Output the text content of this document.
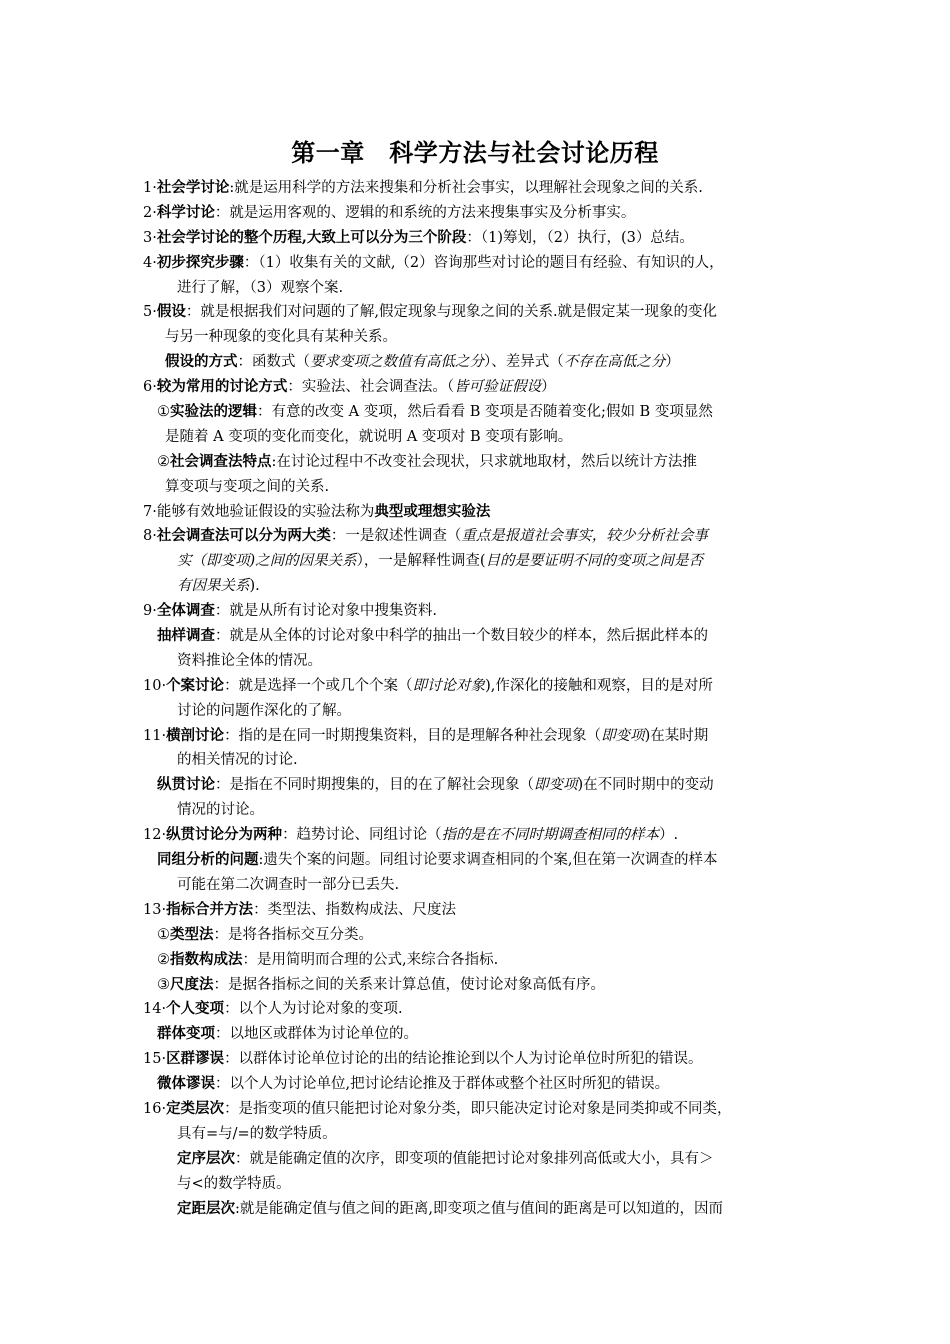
第一章　科学方法与社会讨论历程
1·社会学讨论:就是运用科学的方法来搜集和分析社会事实，以理解社会现象之间的关系.
2·科学讨论：就是运用客观的、逻辑的和系统的方法来搜集事实及分析事实。
3·社会学讨论的整个历程,大致上可以分为三个阶段：（1)筹划，（2）执行，(3）总结。
4·初步探究步骤：（1）收集有关的文献,（2）咨询那些对讨论的题目有经验、有知识的人，
进行了解，（3）观察个案.
5·假设：就是根据我们对问题的了解,假定现象与现象之间的关系.就是假定某一现象的变化
与另一种现象的变化具有某种关系。
假设的方式：函数式（要求变项之数值有高低之分）、差异式（不存在高低之分）
6·较为常用的讨论方式：实验法、社会调查法。（皆可验证假设）
①实验法的逻辑：有意的改变 A 变项，然后看看 B 变项是否随着变化;假如 B 变项显然
是随着 A 变项的变化而变化，就说明 A 变项对 B 变项有影响。
②社会调查法特点:在讨论过程中不改变社会现状，只求就地取材，然后以统计方法推
算变项与变项之间的关系.
7·能够有效地验证假设的实验法称为典型或理想实验法
8·社会调查法可以分为两大类：一是叙述性调查（重点是报道社会事实，较少分析社会事
实（即变项)之间的因果关系），一是解释性调查(目的是要证明不同的变项之间是否
有因果关系).
9·全体调查：就是从所有讨论对象中搜集资料.
抽样调查：就是从全体的讨论对象中科学的抽出一个数目较少的样本，然后据此样本的
资料推论全体的情况。
10·个案讨论：就是选择一个或几个个案（即讨论对象),作深化的接触和观察，目的是对所
讨论的问题作深化的了解。
11·横剖讨论：指的是在同一时期搜集资料，目的是理解各种社会现象（即变项)在某时期
的相关情况的讨论.
纵贯讨论：是指在不同时期搜集的，目的在了解社会现象（即变项)在不同时期中的变动
情况的讨论。
12·纵贯讨论分为两种：趋势讨论、同组讨论（指的是在不同时期调查相同的样本）.
同组分析的问题:遗失个案的问题。同组讨论要求调查相同的个案,但在第一次调查的样本
可能在第二次调查时一部分已丢失.
13·指标合并方法：类型法、指数构成法、尺度法
①类型法：是将各指标交互分类。
②指数构成法：是用简明而合理的公式,来综合各指标.
③尺度法：是据各指标之间的关系来计算总值，使讨论对象高低有序。
14·个人变项：以个人为讨论对象的变项.
群体变项：以地区或群体为讨论单位的。
15·区群谬误：以群体讨论单位讨论的出的结论推论到以个人为讨论单位时所犯的错误。
微体谬误：以个人为讨论单位,把讨论结论推及于群体或整个社区时所犯的错误。
16·定类层次：是指变项的值只能把讨论对象分类，即只能决定讨论对象是同类抑或不同类，
具有=与/=的数学特质。
定序层次：就是能确定值的次序，即变项的值能把讨论对象排列高低或大小，具有＞
与<的数学特质。
定距层次:就是能确定值与值之间的距离,即变项之值与值间的距离是可以知道的，因而
